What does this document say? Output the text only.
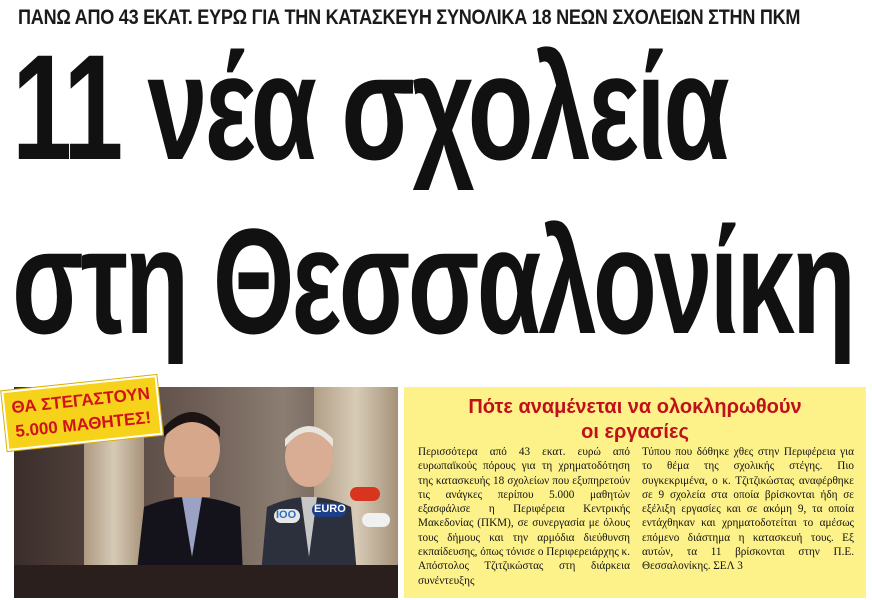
ΠΑΝΩ ΑΠΟ 43 ΕΚΑΤ. ΕΥΡΩ ΓΙΑ ΤΗΝ ΚΑΤΑΣΚΕΥΗ ΣΥΝΟΛΙΚΑ 18 ΝΕΩΝ ΣΧΟΛΕΙΩΝ ΣΤΗΝ ΠΚΜ
11 νέα σχολεία
στη Θεσσαλονίκη
IOO EURO
ΘΑ ΣΤΕΓΑΣΤΟΥΝ
5.000 ΜΑΘΗΤΕΣ!
Πότε αναμένεται να ολοκληρωθούν
οι εργασίες
Περισσότερα από 43 εκατ. ευρώ από ευρωπαϊκούς πόρους για τη χρηματοδότηση της κατασκευής 18 σχολείων που εξυπηρετούν τις ανάγκες περίπου 5.000 μαθητών εξασφάλισε η Περιφέρεια Κεντρικής Μακεδονίας (ΠΚΜ), σε συνεργασία με όλους τους δήμους και την αρμόδια διεύθυνση εκπαίδευσης, όπως τόνισε ο Περιφερειάρχης κ. Απόστολος Τζιτζικώστας στη διάρκεια συνέντευξης
Τύπου που δόθηκε χθες στην Περιφέρεια για το θέμα της σχολικής στέγης. Πιο συγκεκριμένα, ο κ. Τζιτζικώστας αναφέρθηκε σε 9 σχολεία στα οποία βρίσκονται ήδη σε εξέλιξη εργασίες και σε ακόμη 9, τα οποία εντάχθηκαν και χρηματοδοτείται το αμέσως επόμενο διάστημα η κατασκευή τους. Εξ αυτών, τα 11 βρίσκονται στην Π.Ε. Θεσσαλονίκης. ΣΕΛ 3
